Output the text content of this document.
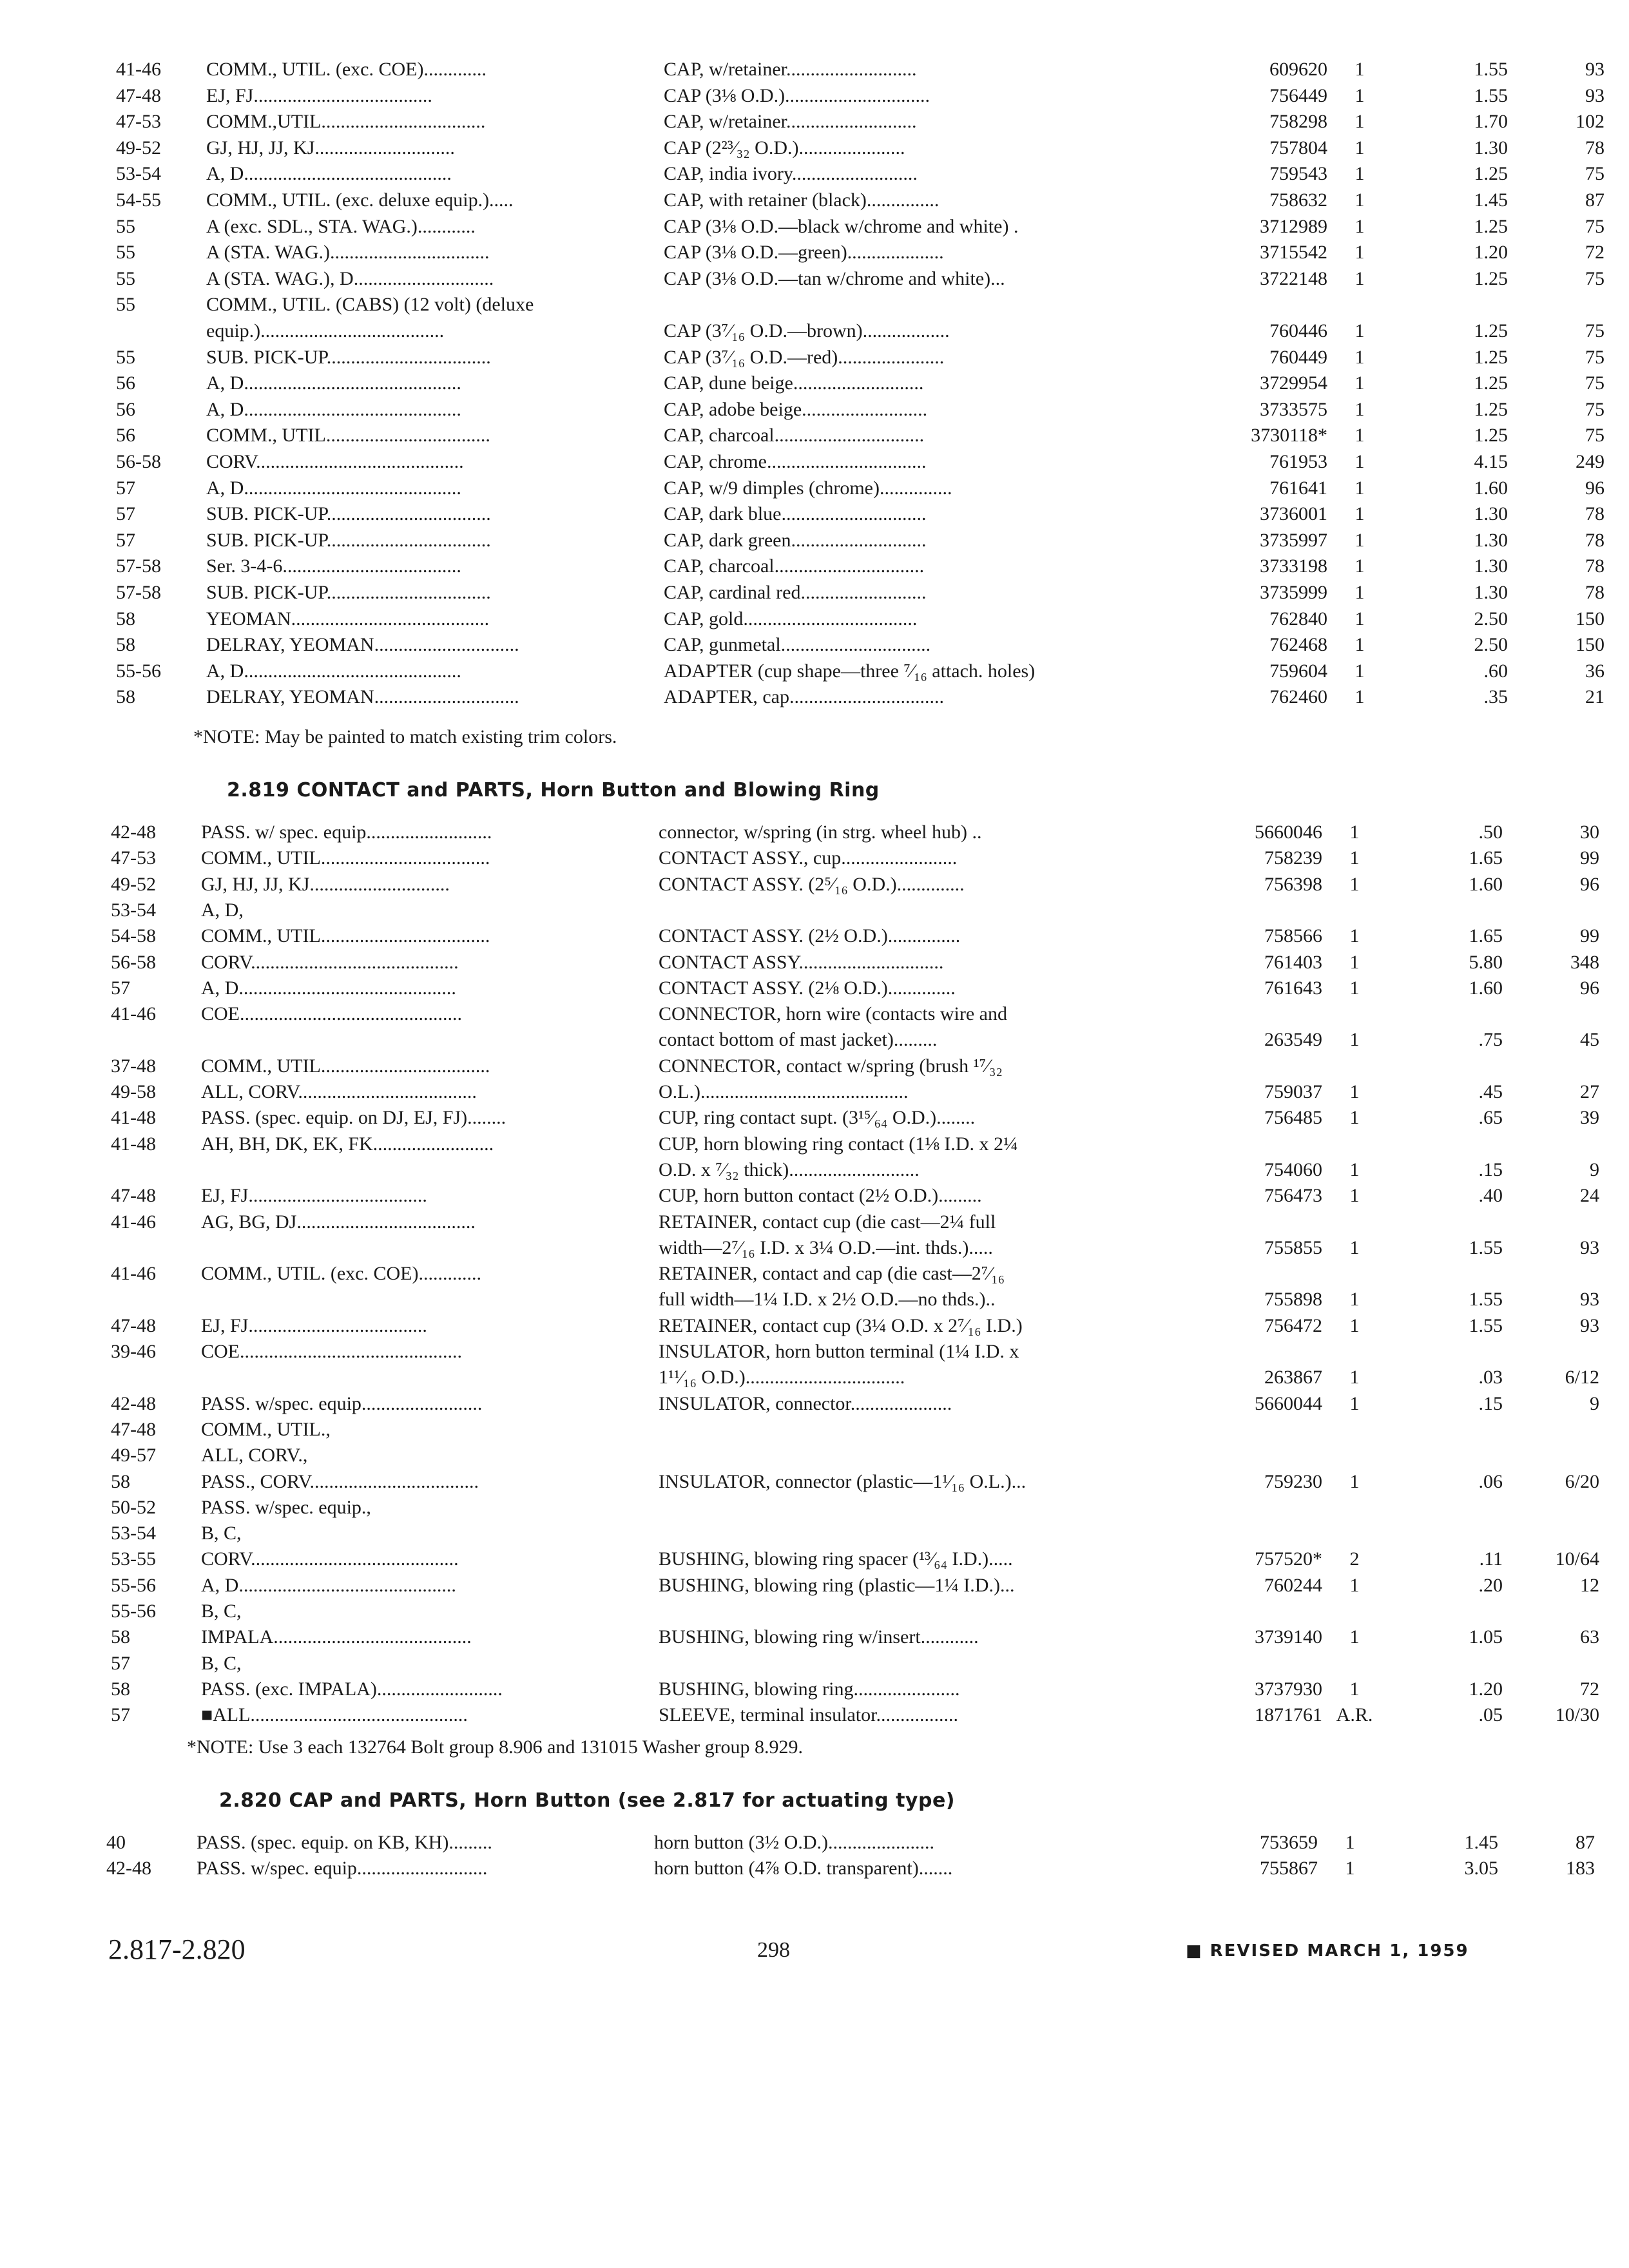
41-46	COMM., UTIL. (exc. COE).............	CAP, w/retainer...........................	609620	1	1.55	93
47-48	EJ, FJ.....................................	CAP (3⅛ O.D.)..............................	756449	1	1.55	93
47-53	COMM.,UTIL..................................	CAP, w/retainer...........................	758298	1	1.70	102
49-52	GJ, HJ, JJ, KJ.............................	CAP (2²³⁄₃₂ O.D.)......................	757804	1	1.30	78
53-54	A, D...........................................	CAP, india ivory..........................	759543	1	1.25	75
54-55	COMM., UTIL. (exc. deluxe equip.).....	CAP, with retainer (black)...............	758632	1	1.45	87
55	A (exc. SDL., STA. WAG.)............	CAP (3⅛ O.D.—black w/chrome and white) .	3712989	1	1.25	75
55	A (STA. WAG.).................................	CAP (3⅛ O.D.—green)....................	3715542	1	1.20	72
55	A (STA. WAG.), D.............................	CAP (3⅛ O.D.—tan w/chrome and white)...	3722148	1	1.25	75
55	COMM., UTIL. (CABS) (12 volt) (deluxe
equip.)......................................	CAP (3⁷⁄₁₆ O.D.—brown)..................	760446	1	1.25	75
55	SUB. PICK-UP..................................	CAP (3⁷⁄₁₆ O.D.—red)......................	760449	1	1.25	75
56	A, D.............................................	CAP, dune beige...........................	3729954	1	1.25	75
56	A, D.............................................	CAP, adobe beige..........................	3733575	1	1.25	75
56	COMM., UTIL..................................	CAP, charcoal...............................	3730118*	1	1.25	75
56-58	CORV...........................................	CAP, chrome.................................	761953	1	4.15	249
57	A, D.............................................	CAP, w/9 dimples (chrome)...............	761641	1	1.60	96
57	SUB. PICK-UP..................................	CAP, dark blue..............................	3736001	1	1.30	78
57	SUB. PICK-UP..................................	CAP, dark green............................	3735997	1	1.30	78
57-58	Ser. 3-4-6.....................................	CAP, charcoal...............................	3733198	1	1.30	78
57-58	SUB. PICK-UP..................................	CAP, cardinal red..........................	3735999	1	1.30	78
58	YEOMAN.........................................	CAP, gold....................................	762840	1	2.50	150
58	DELRAY, YEOMAN..............................	CAP, gunmetal...............................	762468	1	2.50	150
55-56	A, D.............................................	ADAPTER (cup shape—three ⁷⁄₁₆ attach. holes)	759604	1	.60	36
58	DELRAY, YEOMAN..............................	ADAPTER, cap................................	762460	1	.35	21
*NOTE: May be painted to match existing trim colors.
2.819 CONTACT and PARTS, Horn Button and Blowing Ring
42-48	PASS. w/ spec. equip..........................	connector, w/spring (in strg. wheel hub) ..	5660046	1	.50	30
47-53	COMM., UTIL...................................	CONTACT ASSY., cup........................	758239	1	1.65	99
49-52	GJ, HJ, JJ, KJ.............................	CONTACT ASSY. (2⁵⁄₁₆ O.D.)..............	756398	1	1.60	96
53-54	A, D,
54-58	COMM., UTIL...................................	CONTACT ASSY. (2½ O.D.)...............	758566	1	1.65	99
56-58	CORV...........................................	CONTACT ASSY..............................	761403	1	5.80	348
57	A, D.............................................	CONTACT ASSY. (2⅛ O.D.)..............	761643	1	1.60	96
41-46	COE..............................................	CONNECTOR, horn wire (contacts wire and
contact bottom of mast jacket).........	263549	1	.75	45
37-48	COMM., UTIL...................................	CONNECTOR, contact w/spring (brush ¹⁷⁄₃₂
49-58	ALL, CORV.....................................	O.L.)...........................................	759037	1	.45	27
41-48	PASS. (spec. equip. on DJ, EJ, FJ)........	CUP, ring contact supt. (3¹⁵⁄₆₄ O.D.)........	756485	1	.65	39
41-48	AH, BH, DK, EK, FK.........................	CUP, horn blowing ring contact (1⅛ I.D. x 2¼
O.D. x ⁷⁄₃₂ thick)...........................	754060	1	.15	9
47-48	EJ, FJ.....................................	CUP, horn button contact (2½ O.D.).........	756473	1	.40	24
41-46	AG, BG, DJ.....................................	RETAINER, contact cup (die cast—2¼ full
width—2⁷⁄₁₆ I.D. x 3¼ O.D.—int. thds.).....	755855	1	1.55	93
41-46	COMM., UTIL. (exc. COE).............	RETAINER, contact and cap (die cast—2⁷⁄₁₆
full width—1¼ I.D. x 2½ O.D.—no thds.)..	755898	1	1.55	93
47-48	EJ, FJ.....................................	RETAINER, contact cup (3¼ O.D. x 2⁷⁄₁₆ I.D.)	756472	1	1.55	93
39-46	COE..............................................	INSULATOR, horn button terminal (1¼ I.D. x
1¹¹⁄₁₆ O.D.).................................	263867	1	.03	6/12
42-48	PASS. w/spec. equip.........................	INSULATOR, connector.....................	5660044	1	.15	9
47-48	COMM., UTIL.,
49-57	ALL, CORV.,
58	PASS., CORV...................................	INSULATOR, connector (plastic—1¹⁄₁₆ O.L.)...	759230	1	.06	6/20
50-52	PASS. w/spec. equip.,
53-54	B, C,
53-55	CORV...........................................	BUSHING, blowing ring spacer (¹³⁄₆₄ I.D.).....	757520*	2	.11	10/64
55-56	A, D.............................................	BUSHING, blowing ring (plastic—1¼ I.D.)...	760244	1	.20	12
55-56	B, C,
58	IMPALA.........................................	BUSHING, blowing ring w/insert............	3739140	1	1.05	63
57	B, C,
58	PASS. (exc. IMPALA)..........................	BUSHING, blowing ring......................	3737930	1	1.20	72
57	■ALL.............................................	SLEEVE, terminal insulator.................	1871761 A.R.	.05	10/30
*NOTE: Use 3 each 132764 Bolt group 8.906 and 131015 Washer group 8.929.
2.820 CAP and PARTS, Horn Button (see 2.817 for actuating type)
40	PASS. (spec. equip. on KB, KH).........	horn button (3½ O.D.)......................	753659	1	1.45	87
42-48	PASS. w/spec. equip...........................	horn button (4⅞ O.D. transparent).......	755867	1	3.05	183
2.817-2.820	298	■ REVISED MARCH 1, 1959
